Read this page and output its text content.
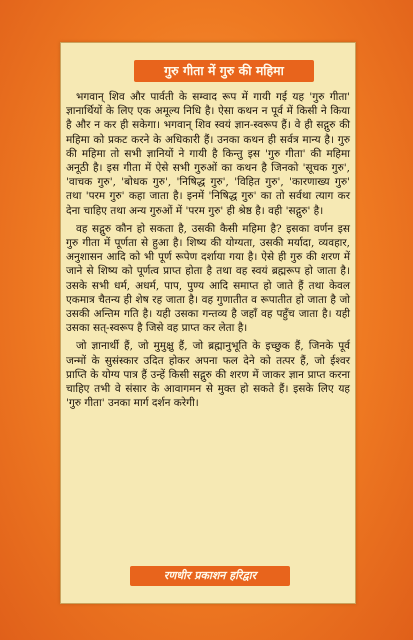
गुरु गीता में गुरु की महिमा

भगवान् शिव और पार्वती के सम्वाद रूप में गायी गई यह 'गुरु गीता' ज्ञानार्थियों के लिए एक अमूल्य निधि है। ऐसा कथन न पूर्व में किसी ने किया है और न कर ही सकेगा। भगवान् शिव स्वयं ज्ञान-स्वरूप हैं। वे ही सद्गुरु की महिमा को प्रकट करने के अधिकारी हैं। उनका कथन ही सर्वत्र मान्य है। गुरु की महिमा तो सभी ज्ञानियों ने गायी है किन्तु इस 'गुरु गीता' की महिमा अनूठी है। इस गीता में ऐसे सभी गुरुओं का कथन है जिनको 'सूचक गुरु', 'वाचक गुरु', 'बोधक गुरु', 'निषिद्ध गुरु', 'विहित गुरु', 'कारणाख्य गुरु' तथा 'परम गुरु' कहा जाता है। इनमें 'निषिद्ध गुरु' का तो सर्वथा त्याग कर देना चाहिए तथा अन्य गुरुओं में 'परम गुरु' ही श्रेष्ठ है। वही 'सद्गुरु' है।

वह सद्गुरु कौन हो सकता है, उसकी कैसी महिमा है? इसका वर्णन इस गुरु गीता में पूर्णता से हुआ है। शिष्य की योग्यता, उसकी मर्यादा, व्यवहार, अनुशासन आदि को भी पूर्ण रूपेण दर्शाया गया है। ऐसे ही गुरु की शरण में जाने से शिष्य को पूर्णत्व प्राप्त होता है तथा वह स्वयं ब्रह्मरूप हो जाता है। उसके सभी धर्म, अधर्म, पाप, पुण्य आदि समाप्त हो जाते हैं तथा केवल एकमात्र चैतन्य ही शेष रह जाता है। वह गुणातीत व रूपातीत हो जाता है जो उसकी अन्तिम गति है। यही उसका गन्तव्य है जहाँ वह पहुँच जाता है। यही उसका सत्-स्वरूप है जिसे वह प्राप्त कर लेता है।

जो ज्ञानार्थी हैं, जो मुमुक्षु हैं, जो ब्रह्मानुभूति के इच्छुक हैं, जिनके पूर्व जन्मों के सुसंस्कार उदित होकर अपना फल देने को तत्पर हैं, जो ईश्वर प्राप्ति के योग्य पात्र हैं उन्हें किसी सद्गुरु की शरण में जाकर ज्ञान प्राप्त करना चाहिए तभी वे संसार के आवागमन से मुक्त हो सकते हैं। इसके लिए यह 'गुरु गीता' उनका मार्ग दर्शन करेगी।

रणधीर प्रकाशन हरिद्वार
